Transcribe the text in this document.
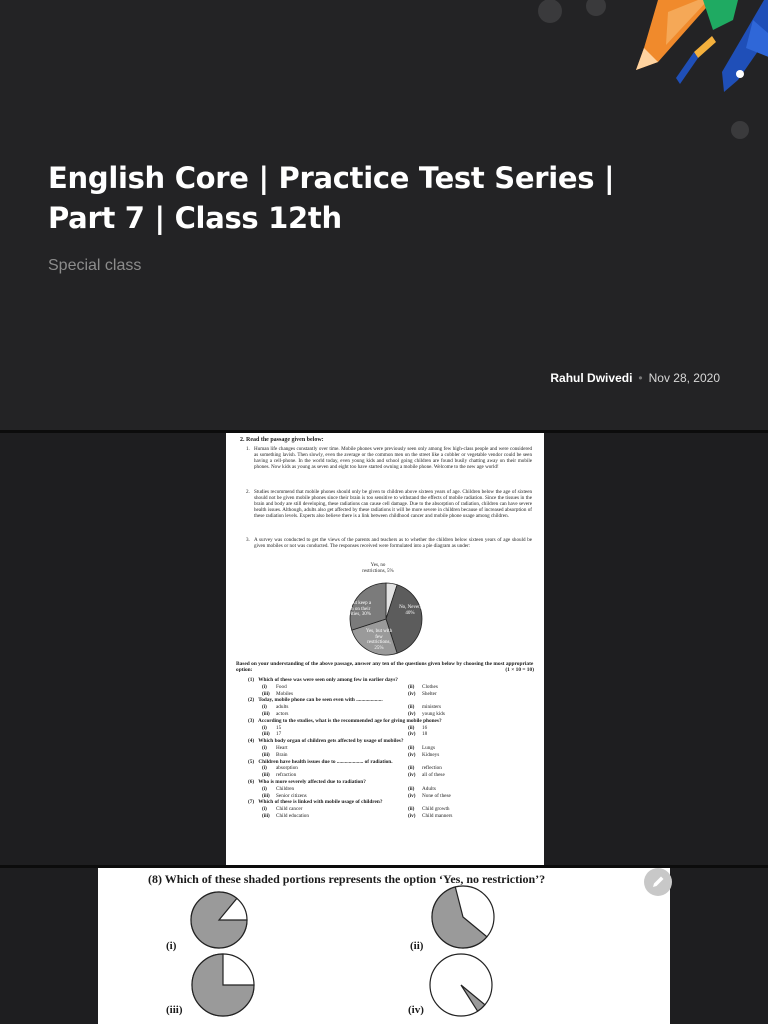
English Core | Practice Test Series |
Part 7 | Class 12th
Special class
Rahul Dwivedi • Nov 28, 2020
2. Read the passage given below:
1. Human life changes constantly over time. Mobile phones were previously seen only among few high-class people and were considered as something lavish. Then slowly, even the average or the common men on the street like a cobbler or vegetable vendor could be seen having a cell-phone. In the world today, even young kids and school going children are found busily chatting away on their mobile phones. Now kids as young as seven and eight too have started owning a mobile phone. Welcome to the new age world!
2. Studies recommend that mobile phones should only be given to children above sixteen years of age. Children below the age of sixteen should not be given mobile phones since their brain is too sensitive to withstand the effects of mobile radiation. Since the tissues in the brain and body are still developing, these radiations can cause cell damage. Due to the absorption of radiation, children can have severe health issues. Although, adults also get affected by these radiations it will be more severe in children because of increased absorption of these radiation levels. Experts also believe there is a link between childhood cancer and mobile phone usage among children.
3. A survey was conducted to get the views of the parents and teachers as to whether the children below sixteen years of age should be given mobiles or not was conducted. The responses received were formulated into a pie diagram as under:
Yes, no restrictions, 5%
No, Never, 40%
Yes, but keep a watch on their activities, 30%
Yes, but with few restrictions, 25%
Based on your understanding of the above passage, answer any ten of the questions given below by choosing the most appropriate option:	(1 × 10 = 10)
(1) Which of these was were seen only among few in earlier days?
(i) Food	(ii) Clothes
(iii) Mobiles	(iv) Shelter
(2) Today, mobile phone can be seen even with ....................
(i) adults	(ii) ministers
(iii) actors	(iv) young kids
(3) According to the studies, what is the recommended age for giving mobile phones?
(i) 15	(ii) 16
(iii) 17	(iv) 18
(4) Which body organ of children gets affected by usage of mobiles?
(i) Heart	(ii) Lungs
(iii) Brain	(iv) Kidneys
(5) Children have health issues due to .................... of radiation.
(i) absorption	(ii) reflection
(iii) refraction	(iv) all of these
(6) Who is more severely affected due to radiation?
(i) Children	(ii) Adults
(iii) Senior citizens	(iv) None of these
(7) Which of these is linked with mobile usage of children?
(i) Child cancer	(ii) Child growth
(iii) Child education	(iv) Child manners
(8) Which of these shaded portions represents the option ‘Yes, no restriction’?
(i)	(ii)
(iii)	(iv)
